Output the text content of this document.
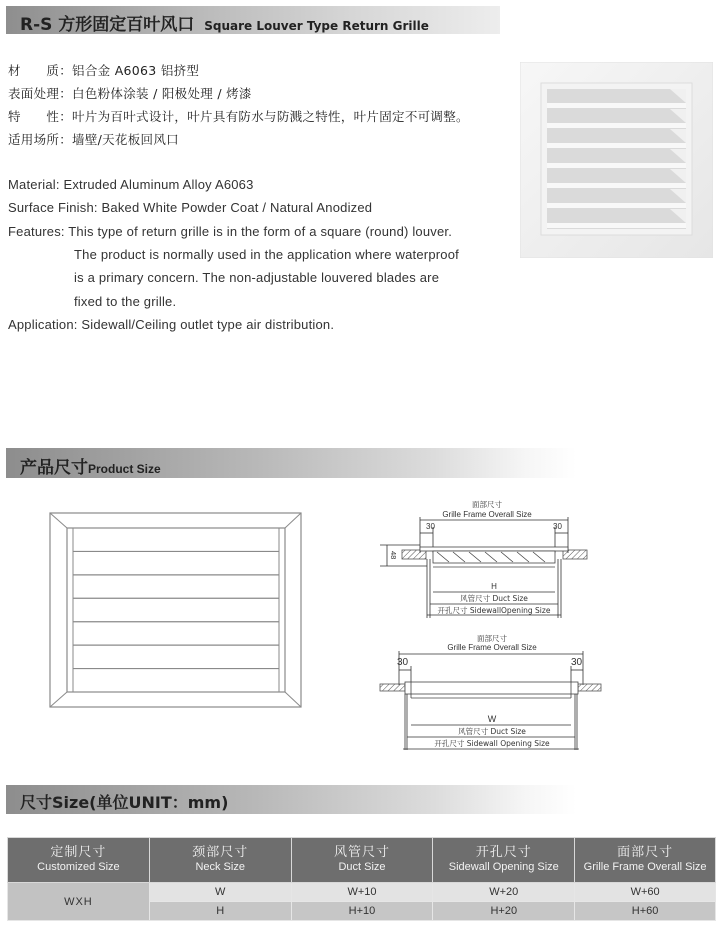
R-S 方形固定百叶风口 Square Louver Type Return Grille
材　　质：铝合金 A6063 铝挤型
表面处理：白色粉体涂装 / 阳极处理 / 烤漆
特　　性：叶片为百叶式设计，叶片具有防水与防溅之特性，叶片固定不可调整。
适用场所：墙壁/天花板回风口
Material: Extruded Aluminum Alloy A6063
Surface Finish: Baked White Powder Coat / Natural Anodized
Features: This type of return grille is in the form of a square (round) louver.
The product is normally used in the application where waterproof
is a primary concern. The non-adjustable louvered blades are
fixed to the grille.
Application: Sidewall/Ceiling outlet type air distribution.
产品尺寸Product Size
面部尺寸
Grille Frame Overall Size
30	30
48
H
风管尺寸 Duct Size
开孔尺寸 SidewallOpening Size
面部尺寸
Grille Frame Overall Size
30	30
W
风管尺寸 Duct Size
开孔尺寸 Sidewall Opening Size
尺寸Size(单位UNIT：mm)
定制尺寸
Customized Size	颈部尺寸
Neck Size	风管尺寸
Duct Size	开孔尺寸
Sidewall Opening Size	面部尺寸
Grille Frame Overall Size

WXH	W	W+10	W+20	W+60
	H	H+10	H+20	H+60
